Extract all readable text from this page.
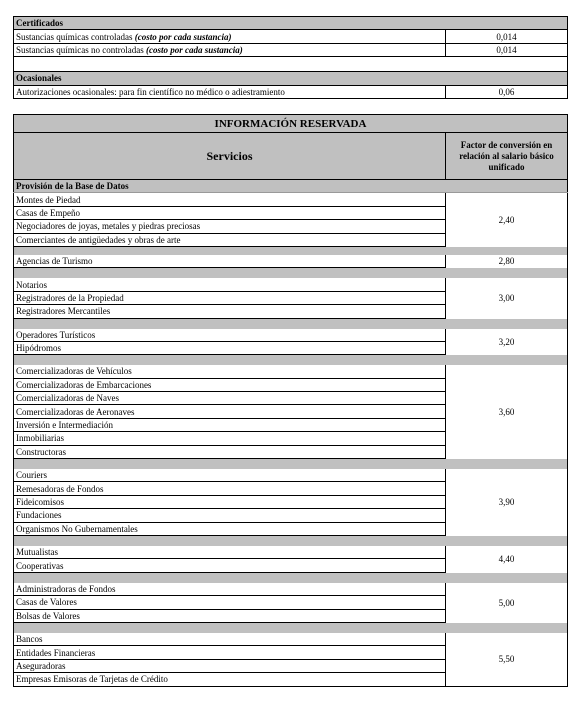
Certificados	
Sustancias químicas controladas (costo por cada sustancia)	0,014
Sustancias químicas no controladas (costo por cada sustancia)	0,014

Ocasionales	
Autorizaciones ocasionales: para fin científico no médico o adiestramiento	0,06
INFORMACIÓN RESERVADA	
Servicios	Factor de conversión en relación al salario básico unificado
Provisión de la Base de Datos	
Montes de Piedad	2,40
Casas de Empeño	
Negociadores de joyas, metales y piedras preciosas	
Comerciantes de antigüedades y obras de arte	

Agencias de Turismo	2,80

Notarios	3,00
Registradores de la Propiedad	
Registradores Mercantiles	

Operadores Turísticos	3,20
Hipódromos	

Comercializadoras de Vehículos	3,60
Comercializadoras de Embarcaciones	
Comercializadoras de Naves	
Comercializadoras de Aeronaves	
Inversión e Intermediación	
Inmobiliarias	
Constructoras	

Couriers	3,90
Remesadoras de Fondos	
Fideicomisos	
Fundaciones	
Organismos No Gubernamentales	

Mutualistas	4,40
Cooperativas	

Administradoras de Fondos	5,00
Casas de Valores	
Bolsas de Valores	

Bancos	5,50
Entidades Financieras	
Aseguradoras	
Empresas Emisoras de Tarjetas de Crédito	
